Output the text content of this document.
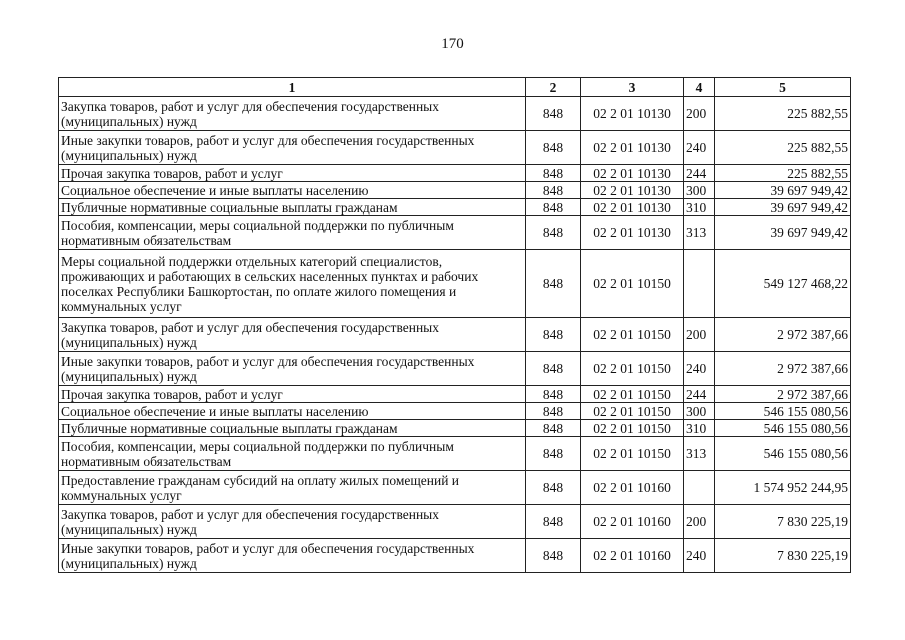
170
1	2	3	4	5
Закупка товаров, работ и услуг для обеспечения государственных (муниципальных) нужд	848	02 2 01 10130	200	225 882,55
Иные закупки товаров, работ и услуг для обеспечения государственных (муниципальных) нужд	848	02 2 01 10130	240	225 882,55
Прочая закупка товаров, работ и услуг	848	02 2 01 10130	244	225 882,55
Социальное обеспечение и иные выплаты населению	848	02 2 01 10130	300	39 697 949,42
Публичные нормативные социальные выплаты гражданам	848	02 2 01 10130	310	39 697 949,42
Пособия, компенсации, меры социальной поддержки по публичным нормативным обязательствам	848	02 2 01 10130	313	39 697 949,42
Меры социальной поддержки отдельных категорий специалистов, проживающих и работающих в сельских населенных пунктах и рабочих поселках Республики Башкортостан, по оплате жилого помещения и коммунальных услуг	848	02 2 01 10150		549 127 468,22
Закупка товаров, работ и услуг для обеспечения государственных (муниципальных) нужд	848	02 2 01 10150	200	2 972 387,66
Иные закупки товаров, работ и услуг для обеспечения государственных (муниципальных) нужд	848	02 2 01 10150	240	2 972 387,66
Прочая закупка товаров, работ и услуг	848	02 2 01 10150	244	2 972 387,66
Социальное обеспечение и иные выплаты населению	848	02 2 01 10150	300	546 155 080,56
Публичные нормативные социальные выплаты гражданам	848	02 2 01 10150	310	546 155 080,56
Пособия, компенсации, меры социальной поддержки по публичным нормативным обязательствам	848	02 2 01 10150	313	546 155 080,56
Предоставление гражданам субсидий на оплату жилых помещений и коммунальных услуг	848	02 2 01 10160		1 574 952 244,95
Закупка товаров, работ и услуг для обеспечения государственных (муниципальных) нужд	848	02 2 01 10160	200	7 830 225,19
Иные закупки товаров, работ и услуг для обеспечения государственных (муниципальных) нужд	848	02 2 01 10160	240	7 830 225,19
